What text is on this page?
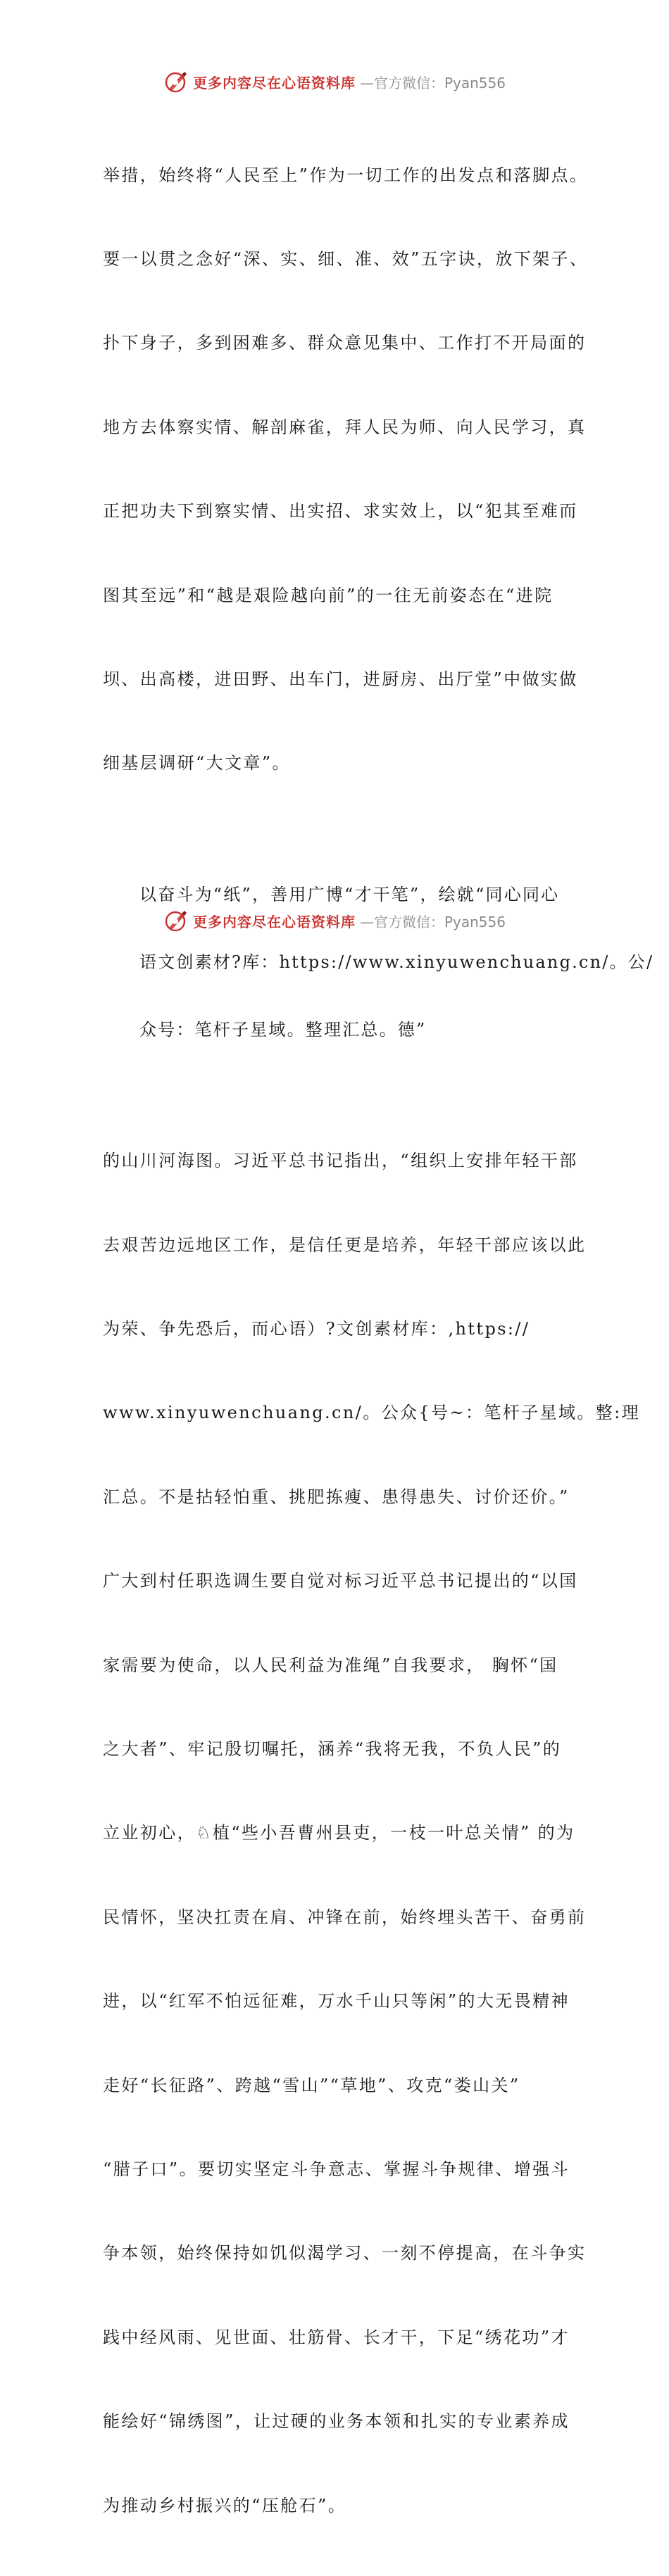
更多内容尽在心语资料库 —官方微信：Pyan556

举措，始终将“人民至上”作为一切工作的出发点和落脚点。

要一以贯之念好“深、实、细、准、效”五字诀，放下架子、

扑下身子，多到困难多、群众意见集中、工作打不开局面的

地方去体察实情、解剖麻雀，拜人民为师、向人民学习，真

正把功夫下到察实情、出实招、求实效上，以“犯其至难而

图其至远”和“越是艰险越向前”的一往无前姿态在“进院

坝、出高楼，进田野、出车门，进厨房、出厅堂”中做实做

细基层调研“大文章”。

以奋斗为“纸”，善用广博“才干笔”，绘就“同心同心

语文创素材?库：https://www.xinyuwenchuang.cn/。公/

众号：笔杆子星域。整理汇总。德”

的山川河海图。习近平总书记指出，“组织上安排年轻干部

去艰苦边远地区工作，是信任更是培养，年轻干部应该以此

为荣、争先恐后，而心语）?文创素材库：,https://

www.xinyuwenchuang.cn/。公众{号~：笔杆子星域。整:理

汇总。不是拈轻怕重、挑肥拣瘦、患得患失、讨价还价。”

广大到村任职选调生要自觉对标习近平总书记提出的“以国

家需要为使命，以人民利益为准绳”自我要求， 胸怀“国

之大者”、牢记殷切嘱托，涵养“我将无我，不负人民”的

立业初心，♘植“些小吾曹州县吏，一枝一叶总关情” 的为

民情怀，坚决扛责在肩、冲锋在前，始终埋头苦干、奋勇前

进，以“红军不怕远征难，万水千山只等闲”的大无畏精神

走好“长征路”、跨越“雪山”“草地”、攻克“娄山关”

“腊子口”。要切实坚定斗争意志、掌握斗争规律、增强斗

争本领，始终保持如饥似渴学习、一刻不停提高，在斗争实

践中经风雨、见世面、壮筋骨、长才干，下足“绣花功”才

能绘好“锦绣图”，让过硬的业务本领和扎实的专业素养成

为推动乡村振兴的“压舱石”。

更多内容尽在心语资料库 —官方微信：Pyan556
